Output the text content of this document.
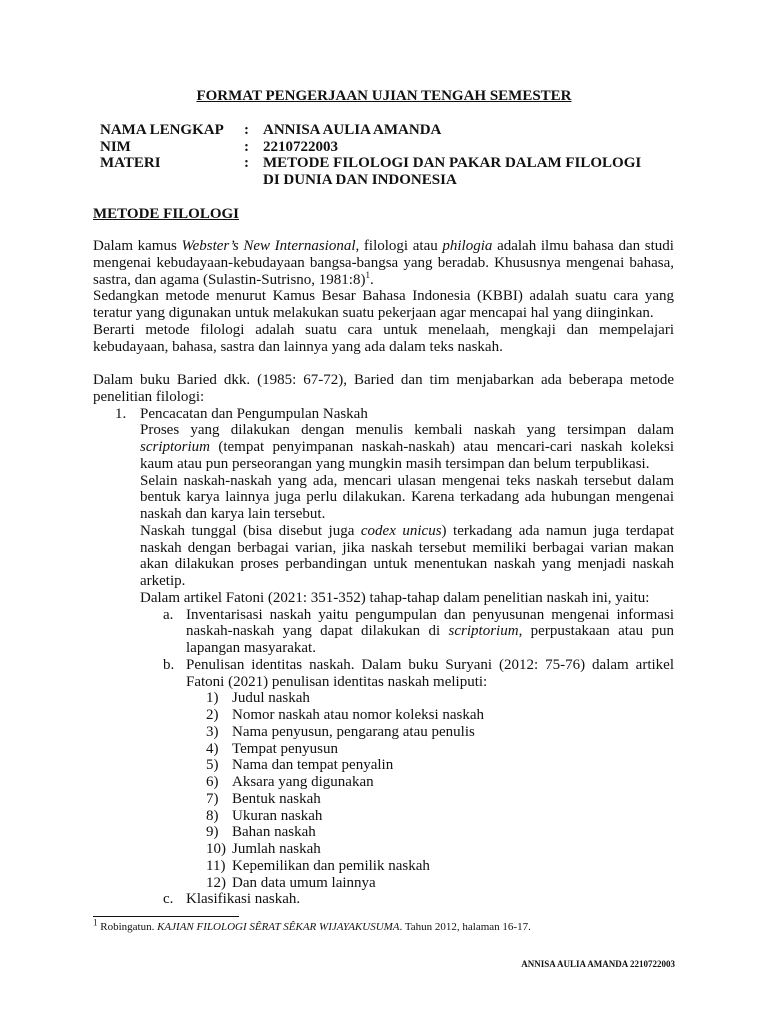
FORMAT PENGERJAAN UJIAN TENGAH SEMESTER
NAMA LENGKAP : ANNISA AULIA AMANDA
NIM	: 2210722003
MATERI	: METODE FILOLOGI DAN PAKAR DALAM FILOLOGI
DI DUNIA DAN INDONESIA
METODE FILOLOGI

Dalam kamus Webster’s New Internasional, filologi atau philogia adalah ilmu bahasa dan studi mengenai kebudayaan-kebudayaan bangsa-bangsa yang beradab. Khususnya mengenai bahasa, sastra, dan agama (Sulastin-Sutrisno, 1981:8)$^1$.

Sedangkan metode menurut Kamus Besar Bahasa Indonesia (KBBI) adalah suatu cara yang teratur yang digunakan untuk melakukan suatu pekerjaan agar mencapai hal yang diinginkan.

Berarti metode filologi adalah suatu cara untuk menelaah, mengkaji dan mempelajari kebudayaan, bahasa, sastra dan lainnya yang ada dalam teks naskah.

Dalam buku Baried dkk. (1985: 67-72), Baried dan tim menjabarkan ada beberapa metode penelitian filologi:

1. Pencacatan dan Pengumpulan Naskah

Proses yang dilakukan dengan menulis kembali naskah yang tersimpan dalam scriptorium (tempat penyimpanan naskah-naskah) atau mencari-cari naskah koleksi kaum atau pun perseorangan yang mungkin masih tersimpan dan belum terpublikasi.

Selain naskah-naskah yang ada, mencari ulasan mengenai teks naskah tersebut dalam bentuk karya lainnya juga perlu dilakukan. Karena terkadang ada hubungan mengenai naskah dan karya lain tersebut.

Naskah tunggal (bisa disebut juga codex unicus) terkadang ada namun juga terdapat naskah dengan berbagai varian, jika naskah tersebut memiliki berbagai varian makan akan dilakukan proses perbandingan untuk menentukan naskah yang menjadi naskah arketip.

Dalam artikel Fatoni (2021: 351-352) tahap-tahap dalam penelitian naskah ini, yaitu:

a. Inventarisasi naskah yaitu pengumpulan dan penyusunan mengenai informasi naskah-naskah yang dapat dilakukan di scriptorium, perpustakaan atau pun lapangan masyarakat.

b. Penulisan identitas naskah. Dalam buku Suryani (2012: 75-76) dalam artikel Fatoni (2021) penulisan identitas naskah meliputi:

1) Judul naskah
2) Nomor naskah atau nomor koleksi naskah
3) Nama penyusun, pengarang atau penulis
4) Tempat penyusun
5) Nama dan tempat penyalin
6) Aksara yang digunakan
7) Bentuk naskah
8) Ukuran naskah
9) Bahan naskah
10) Jumlah naskah
11) Kepemilikan dan pemilik naskah
12) Dan data umum lainnya
c. Klasifikasi naskah.

$^1$ Robingatun. KAJIAN FILOLOGI SÊRAT SÊKAR WIJAYAKUSUMA. Tahun 2012, halaman 16-17.
ANNISA AULIA AMANDA 2210722003
